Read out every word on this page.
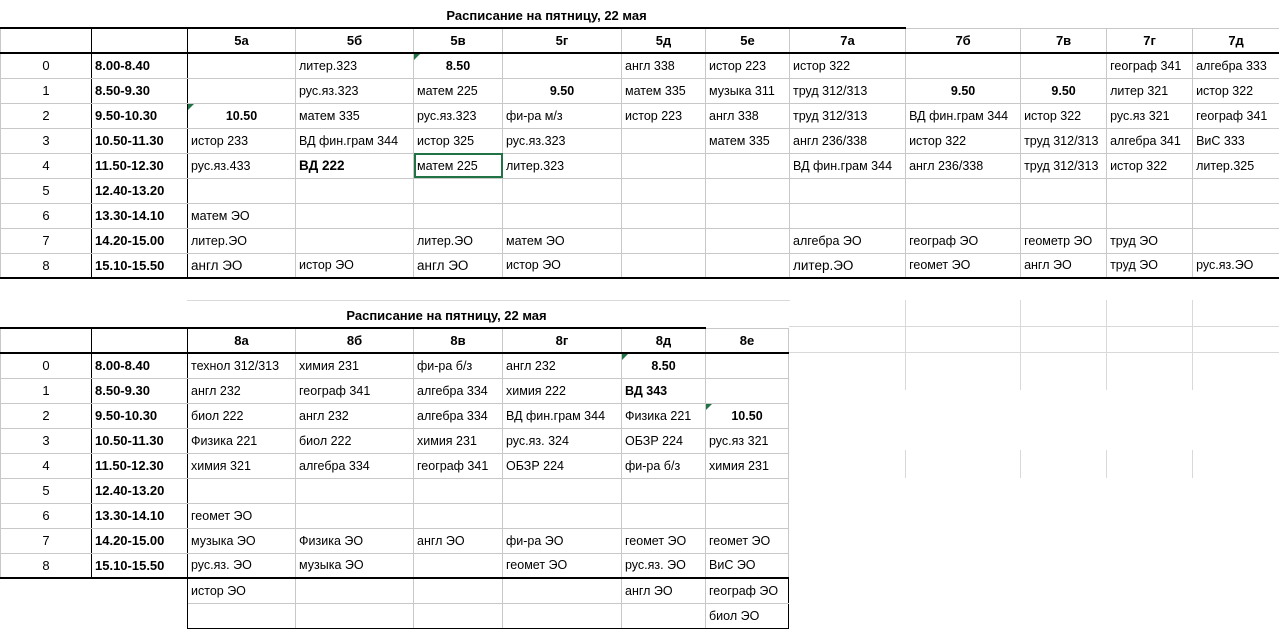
		Расписание на пятницу, 22 мая										
		5а	5б	5в	5г	5д	5е	7а	7б	7в	7г	7д
0	8.00-8.40		литер.323	8.50		англ 338	истор 223	истор 322			географ 341	алгебра 333
1	8.50-9.30		рус.яз.323	матем 225	9.50	матем 335	музыка 311	труд 312/313	9.50	9.50	литер 321	истор 322
2	9.50-10.30	10.50	матем 335	рус.яз.323	фи-ра м/з	истор 223	англ 338	труд 312/313	ВД фин.грам 344	истор 322	рус.яз 321	географ 341
3	10.50-11.30	истор 233	ВД фин.грам 344	истор 325	рус.яз.323		матем 335	англ 236/338	истор 322	труд 312/313	алгебра 341	ВиС 333
4	11.50-12.30	рус.яз.433	ВД 222	матем 225	литер.323			ВД фин.грам 344	англ 236/338	труд 312/313	истор 322	литер.325
5	12.40-13.20											
6	13.30-14.10	матем ЭО										
7	14.20-15.00	литер.ЭО		литер.ЭО	матем ЭО			алгебра ЭО	географ ЭО	геометр ЭО	труд ЭО	
8	15.10-15.50	англ ЭО	истор ЭО	англ ЭО	истор ЭО			литер.ЭО	геомет ЭО	англ ЭО	труд ЭО	рус.яз.ЭО
		Расписание на пятницу, 22 мая					
		8а	8б	8в	8г	8д	8е
0	8.00-8.40	технол 312/313	химия 231	фи-ра б/з	англ 232	8.50	
1	8.50-9.30	англ 232	географ 341	алгебра 334	химия 222	ВД 343	
2	9.50-10.30	биол 222	англ 232	алгебра 334	ВД фин.грам 344	Физика 221	10.50
3	10.50-11.30	Физика 221	биол 222	химия 231	рус.яз. 324	ОБЗР 224	рус.яз 321
4	11.50-12.30	химия 321	алгебра 334	географ 341	ОБЗР 224	фи-ра б/з	химия 231
5	12.40-13.20						
6	13.30-14.10	геомет ЭО					
7	14.20-15.00	музыка ЭО	Физика ЭО	англ ЭО	фи-ра ЭО	геомет ЭО	геомет ЭО
8	15.10-15.50	рус.яз. ЭО	музыка ЭО		геомет ЭО	рус.яз. ЭО	ВиС ЭО
		истор ЭО				англ ЭО	географ ЭО
							биол ЭО
